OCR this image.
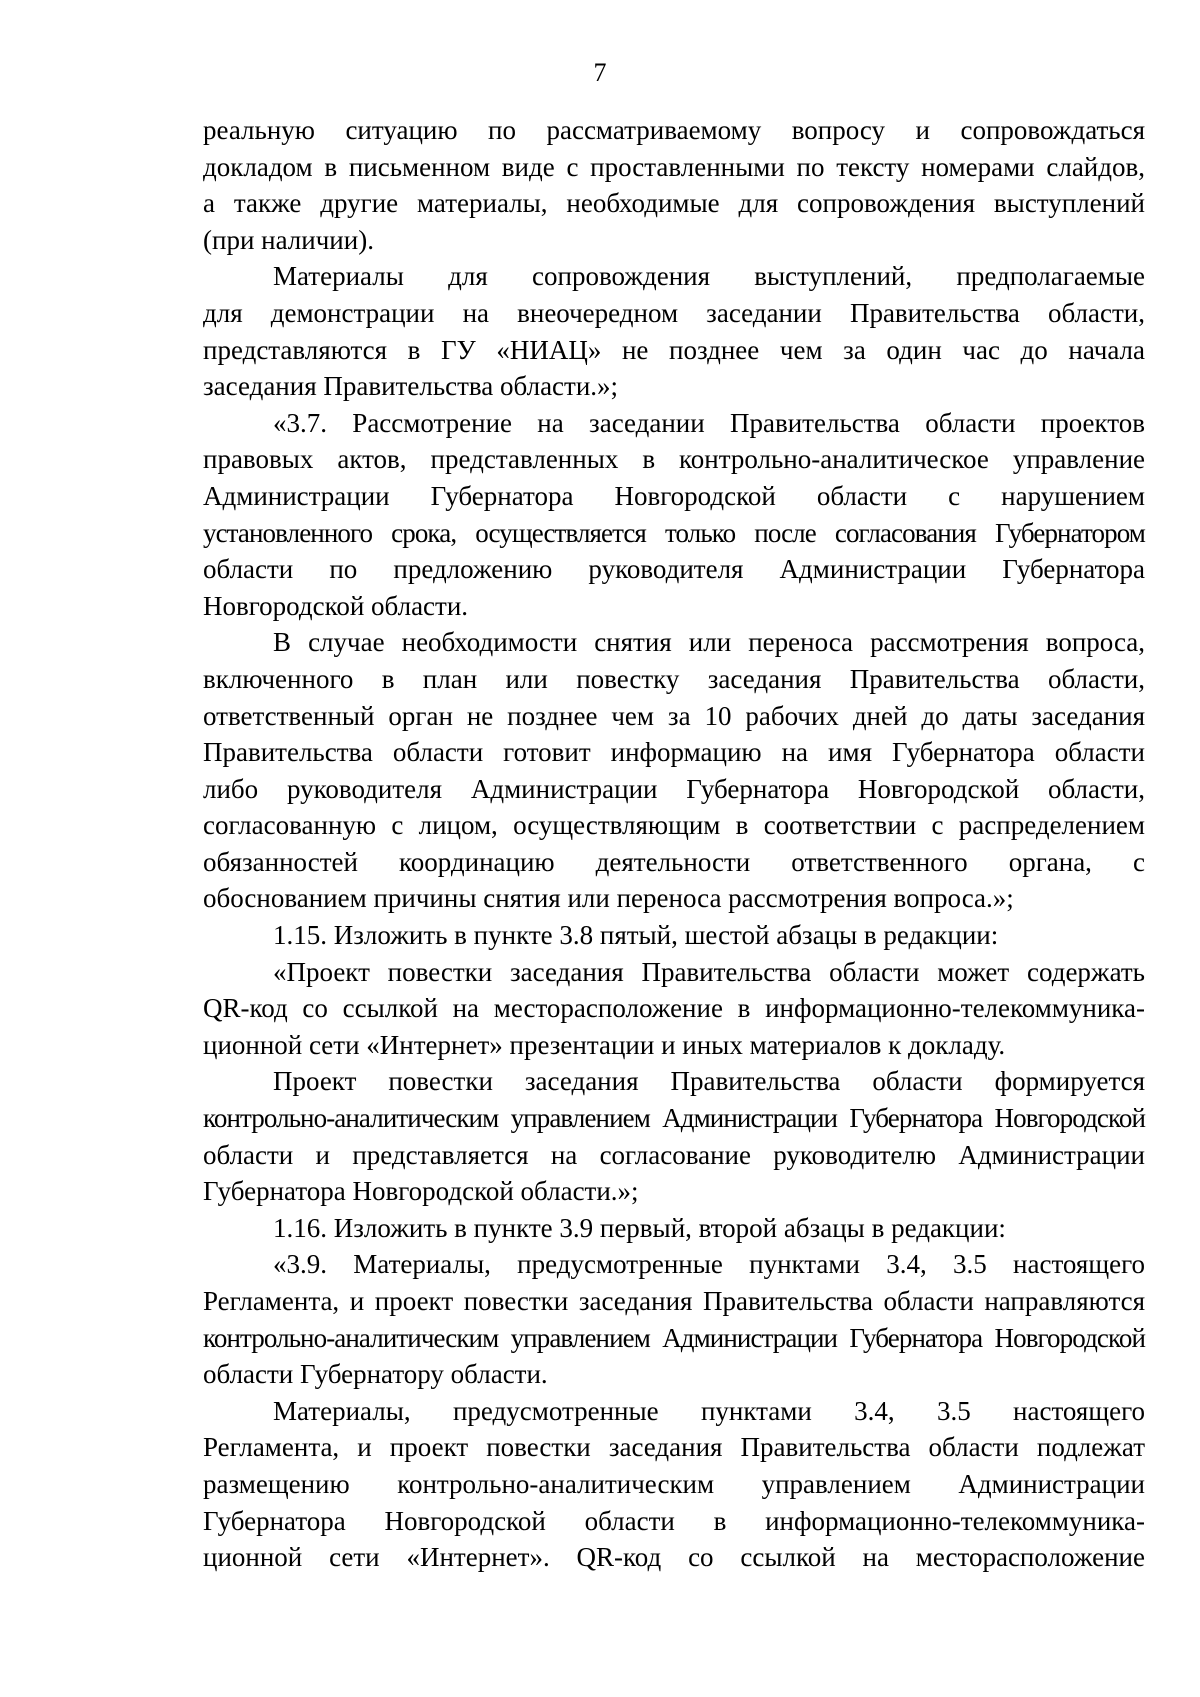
7
реальную ситуацию по рассматриваемому вопросу и сопровождаться
докладом в письменном виде с проставленными по тексту номерами слайдов,
а также другие материалы, необходимые для сопровождения выступлений
(при наличии).
Материалы для сопровождения выступлений, предполагаемые
для демонстрации на внеочередном заседании Правительства области,
представляются в ГУ «НИАЦ» не позднее чем за один час до начала
заседания Правительства области.»;
«3.7. Рассмотрение на заседании Правительства области проектов
правовых актов, представленных в контрольно-аналитическое управление
Администрации Губернатора Новгородской области с нарушением
установленного срока, осуществляется только после согласования Губернатором
области по предложению руководителя Администрации Губернатора
Новгородской области.
В случае необходимости снятия или переноса рассмотрения вопроса,
включенного в план или повестку заседания Правительства области,
ответственный орган не позднее чем за 10 рабочих дней до даты заседания
Правительства области готовит информацию на имя Губернатора области
либо руководителя Администрации Губернатора Новгородской области,
согласованную с лицом, осуществляющим в соответствии с распределением
обязанностей координацию деятельности ответственного органа, с
обоснованием причины снятия или переноса рассмотрения вопроса.»;
1.15. Изложить в пункте 3.8 пятый, шестой абзацы в редакции:
«Проект повестки заседания Правительства области может содержать
QR-код со ссылкой на месторасположение в информационно-телекоммуника-
ционной сети «Интернет» презентации и иных материалов к докладу.
Проект повестки заседания Правительства области формируется
контрольно-аналитическим управлением Администрации Губернатора Новгородской
области и представляется на согласование руководителю Администрации
Губернатора Новгородской области.»;
1.16. Изложить в пункте 3.9 первый, второй абзацы в редакции:
«3.9. Материалы, предусмотренные пунктами 3.4, 3.5 настоящего
Регламента, и проект повестки заседания Правительства области направляются
контрольно-аналитическим управлением Администрации Губернатора Новгородской
области Губернатору области.
Материалы, предусмотренные пунктами 3.4, 3.5 настоящего
Регламента, и проект повестки заседания Правительства области подлежат
размещению контрольно-аналитическим управлением Администрации
Губернатора Новгородской области в информационно-телекоммуника-
ционной сети «Интернет». QR-код со ссылкой на месторасположение
